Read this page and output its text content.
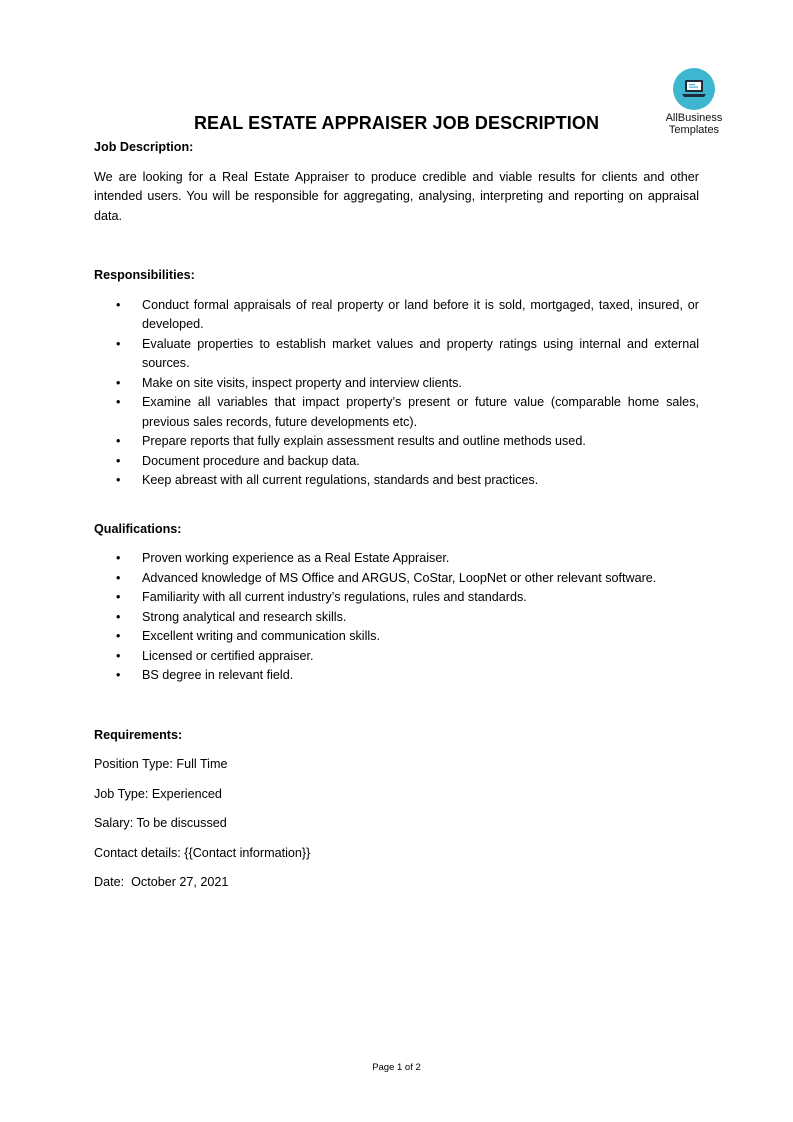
AllBusiness
Templates
REAL ESTATE APPRAISER JOB DESCRIPTION

Job Description:

We are looking for a Real Estate Appraiser to produce credible and viable results for clients and other intended users. You will be responsible for aggregating, analysing, interpreting and reporting on appraisal data.

Responsibilities:

• Conduct formal appraisals of real property or land before it is sold, mortgaged, taxed, insured, or developed.
• Evaluate properties to establish market values and property ratings using internal and external sources.
• Make on site visits, inspect property and interview clients.
• Examine all variables that impact property’s present or future value (comparable home sales, previous sales records, future developments etc).
• Prepare reports that fully explain assessment results and outline methods used.
• Document procedure and backup data.
• Keep abreast with all current regulations, standards and best practices.

Qualifications:

• Proven working experience as a Real Estate Appraiser.
• Advanced knowledge of MS Office and ARGUS, CoStar, LoopNet or other relevant software.
• Familiarity with all current industry’s regulations, rules and standards.
• Strong analytical and research skills.
• Excellent writing and communication skills.
• Licensed or certified appraiser.
• BS degree in relevant field.

Requirements:

Position Type: Full Time

Job Type: Experienced

Salary: To be discussed

Contact details: {{Contact information}}

Date:  October 27, 2021

Page 1 of 2
